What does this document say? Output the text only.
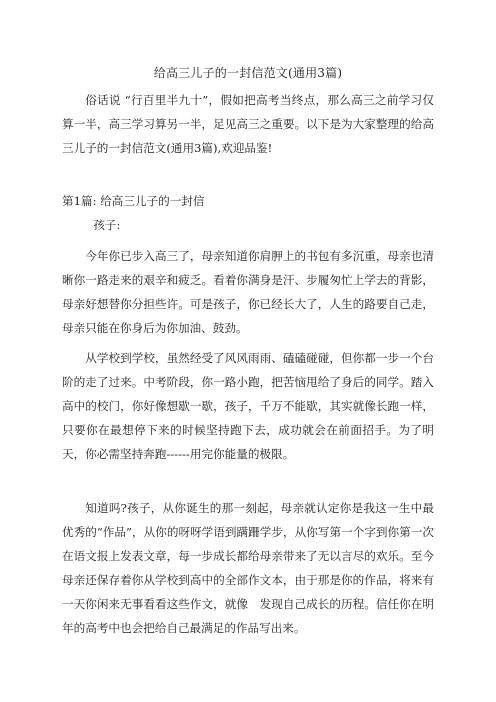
给高三儿子的一封信范文(通用3篇)
俗话说 “行百里半九十”，假如把高考当终点，那么高三之前学习仅算一半，高三学习算另一半，足见高三之重要。以下是为大家整理的给高三儿子的一封信范文(通用3篇),欢迎品鉴!
第1篇: 给高三儿子的一封信
孩子:
今年你已步入高三了，母亲知道你肩胛上的书包有多沉重，母亲也清晰你一路走来的艰辛和疲乏。看着你满身是汗、步履匆忙上学去的背影，母亲好想替你分担些许。可是孩子，你已经长大了，人生的路要自己走，母亲只能在你身后为你加油、鼓劲。
从学校到学校，虽然经受了风风雨雨、磕磕碰碰，但你都一步一个台阶的走了过来。中考阶段，你一路小跑，把苦恼甩给了身后的同学。踏入高中的校门，你好像想歇一歇，孩子，千万不能歇，其实就像长跑一样，只要你在最想停下来的时候坚持跑下去，成功就会在前面招手。为了明天，你必需坚持奔跑------用完你能量的极限。
知道吗?孩子，从你诞生的那一刻起，母亲就认定你是我这一生中最优秀的“作品”，从你的呀呀学语到蹒跚学步，从你写第一个字到你第一次在语文报上发表文章，每一步成长都给母亲带来了无以言尽的欢乐。至今母亲还保存着你从学校到高中的全部作文本，由于那是你的作品，将来有一天你闲来无事看看这些作文，就像　发现自己成长的历程。信任你在明年的高考中也会把给自己最满足的作品写出来。
